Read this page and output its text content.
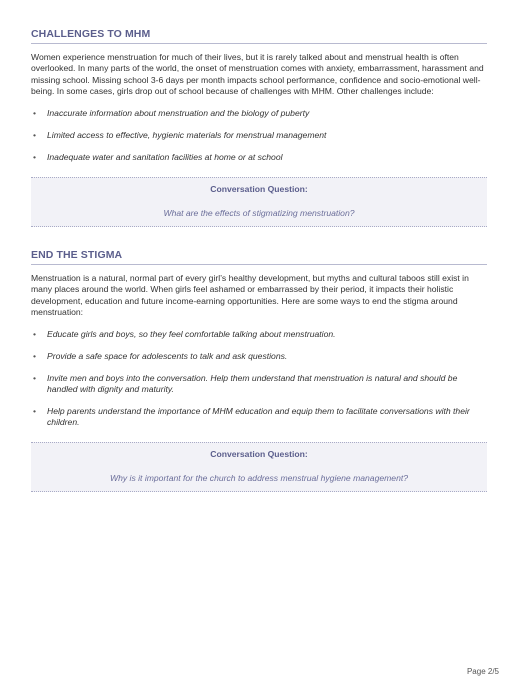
CHALLENGES TO MHM

Women experience menstruation for much of their lives, but it is rarely talked about and menstrual health is often overlooked. In many parts of the world, the onset of menstruation comes with anxiety, embarrassment, harassment and missing school. Missing school 3-6 days per month impacts school performance, confidence and socio-emotional well-being. In some cases, girls drop out of school because of challenges with MHM. Other challenges include:

• Inaccurate information about menstruation and the biology of puberty
• Limited access to effective, hygienic materials for menstrual management
• Inadequate water and sanitation facilities at home or at school
Conversation Question:
What are the effects of stigmatizing menstruation?
END THE STIGMA

Menstruation is a natural, normal part of every girl’s healthy development, but myths and cultural taboos still exist in many places around the world. When girls feel ashamed or embarrassed by their period, it impacts their holistic development, education and future income-earning opportunities. Here are some ways to end the stigma around menstruation:

• Educate girls and boys, so they feel comfortable talking about menstruation.
• Provide a safe space for adolescents to talk and ask questions.
• Invite men and boys into the conversation. Help them understand that menstruation is natural and should be handled with dignity and maturity.
• Help parents understand the importance of MHM education and equip them to facilitate conversations with their children.
Conversation Question:
Why is it important for the church to address menstrual hygiene management?
Page 2/5
